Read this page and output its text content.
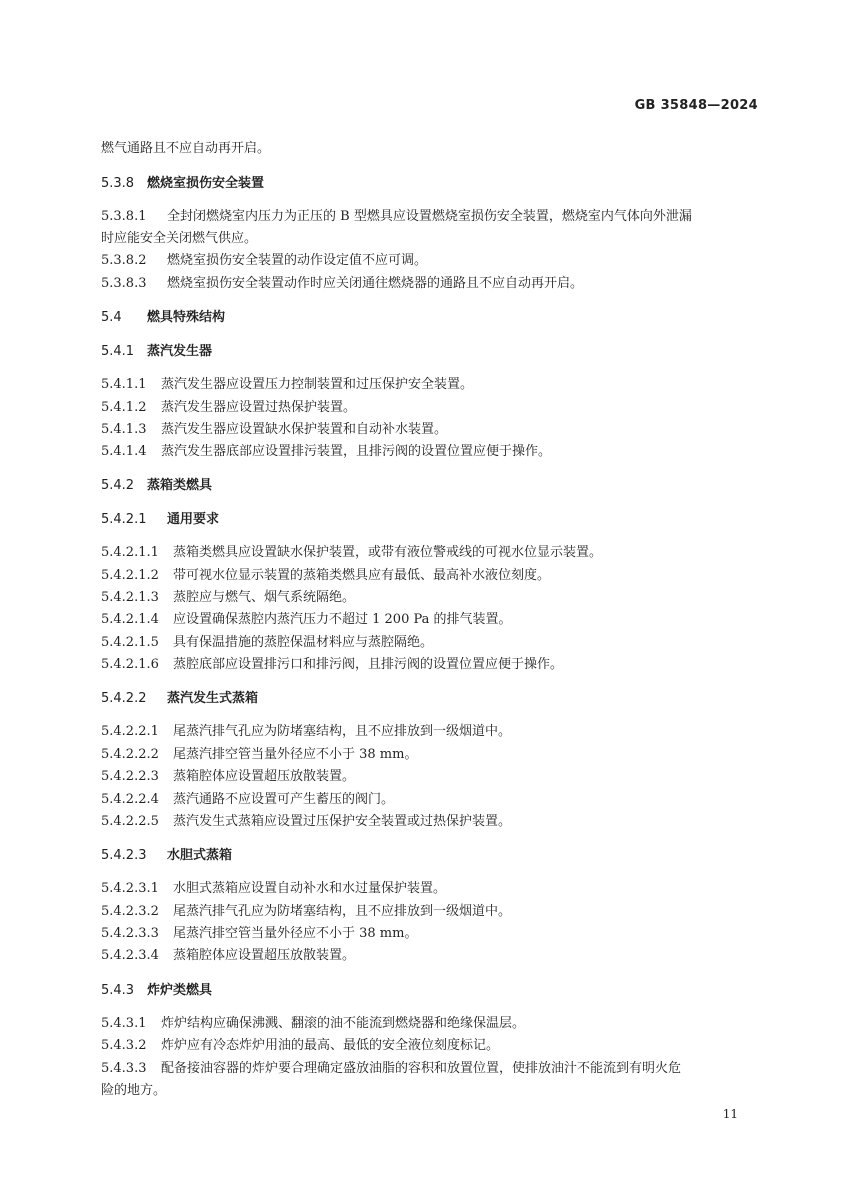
GB 35848—2024
燃气通路且不应自动再开启。
5.3.8 燃烧室损伤安全装置
5.3.8.1 全封闭燃烧室内压力为正压的 B 型燃具应设置燃烧室损伤安全装置，燃烧室内气体向外泄漏
时应能安全关闭燃气供应。
5.3.8.2 燃烧室损伤安全装置的动作设定值不应可调。
5.3.8.3 燃烧室损伤安全装置动作时应关闭通往燃烧器的通路且不应自动再开启。
5.4 燃具特殊结构
5.4.1 蒸汽发生器
5.4.1.1 蒸汽发生器应设置压力控制装置和过压保护安全装置。
5.4.1.2 蒸汽发生器应设置过热保护装置。
5.4.1.3 蒸汽发生器应设置缺水保护装置和自动补水装置。
5.4.1.4 蒸汽发生器底部应设置排污装置，且排污阀的设置位置应便于操作。
5.4.2 蒸箱类燃具
5.4.2.1 通用要求
5.4.2.1.1 蒸箱类燃具应设置缺水保护装置，或带有液位警戒线的可视水位显示装置。
5.4.2.1.2 带可视水位显示装置的蒸箱类燃具应有最低、最高补水液位刻度。
5.4.2.1.3 蒸腔应与燃气、烟气系统隔绝。
5.4.2.1.4 应设置确保蒸腔内蒸汽压力不超过 1 200 Pa 的排气装置。
5.4.2.1.5 具有保温措施的蒸腔保温材料应与蒸腔隔绝。
5.4.2.1.6 蒸腔底部应设置排污口和排污阀，且排污阀的设置位置应便于操作。
5.4.2.2 蒸汽发生式蒸箱
5.4.2.2.1 尾蒸汽排气孔应为防堵塞结构，且不应排放到一级烟道中。
5.4.2.2.2 尾蒸汽排空管当量外径应不小于 38 mm。
5.4.2.2.3 蒸箱腔体应设置超压放散装置。
5.4.2.2.4 蒸汽通路不应设置可产生蓄压的阀门。
5.4.2.2.5 蒸汽发生式蒸箱应设置过压保护安全装置或过热保护装置。
5.4.2.3 水胆式蒸箱
5.4.2.3.1 水胆式蒸箱应设置自动补水和水过量保护装置。
5.4.2.3.2 尾蒸汽排气孔应为防堵塞结构，且不应排放到一级烟道中。
5.4.2.3.3 尾蒸汽排空管当量外径应不小于 38 mm。
5.4.2.3.4 蒸箱腔体应设置超压放散装置。
5.4.3 炸炉类燃具
5.4.3.1 炸炉结构应确保沸溅、翻滚的油不能流到燃烧器和绝缘保温层。
5.4.3.2 炸炉应有冷态炸炉用油的最高、最低的安全液位刻度标记。
5.4.3.3 配备接油容器的炸炉要合理确定盛放油脂的容积和放置位置，使排放油汁不能流到有明火危
险的地方。
11
